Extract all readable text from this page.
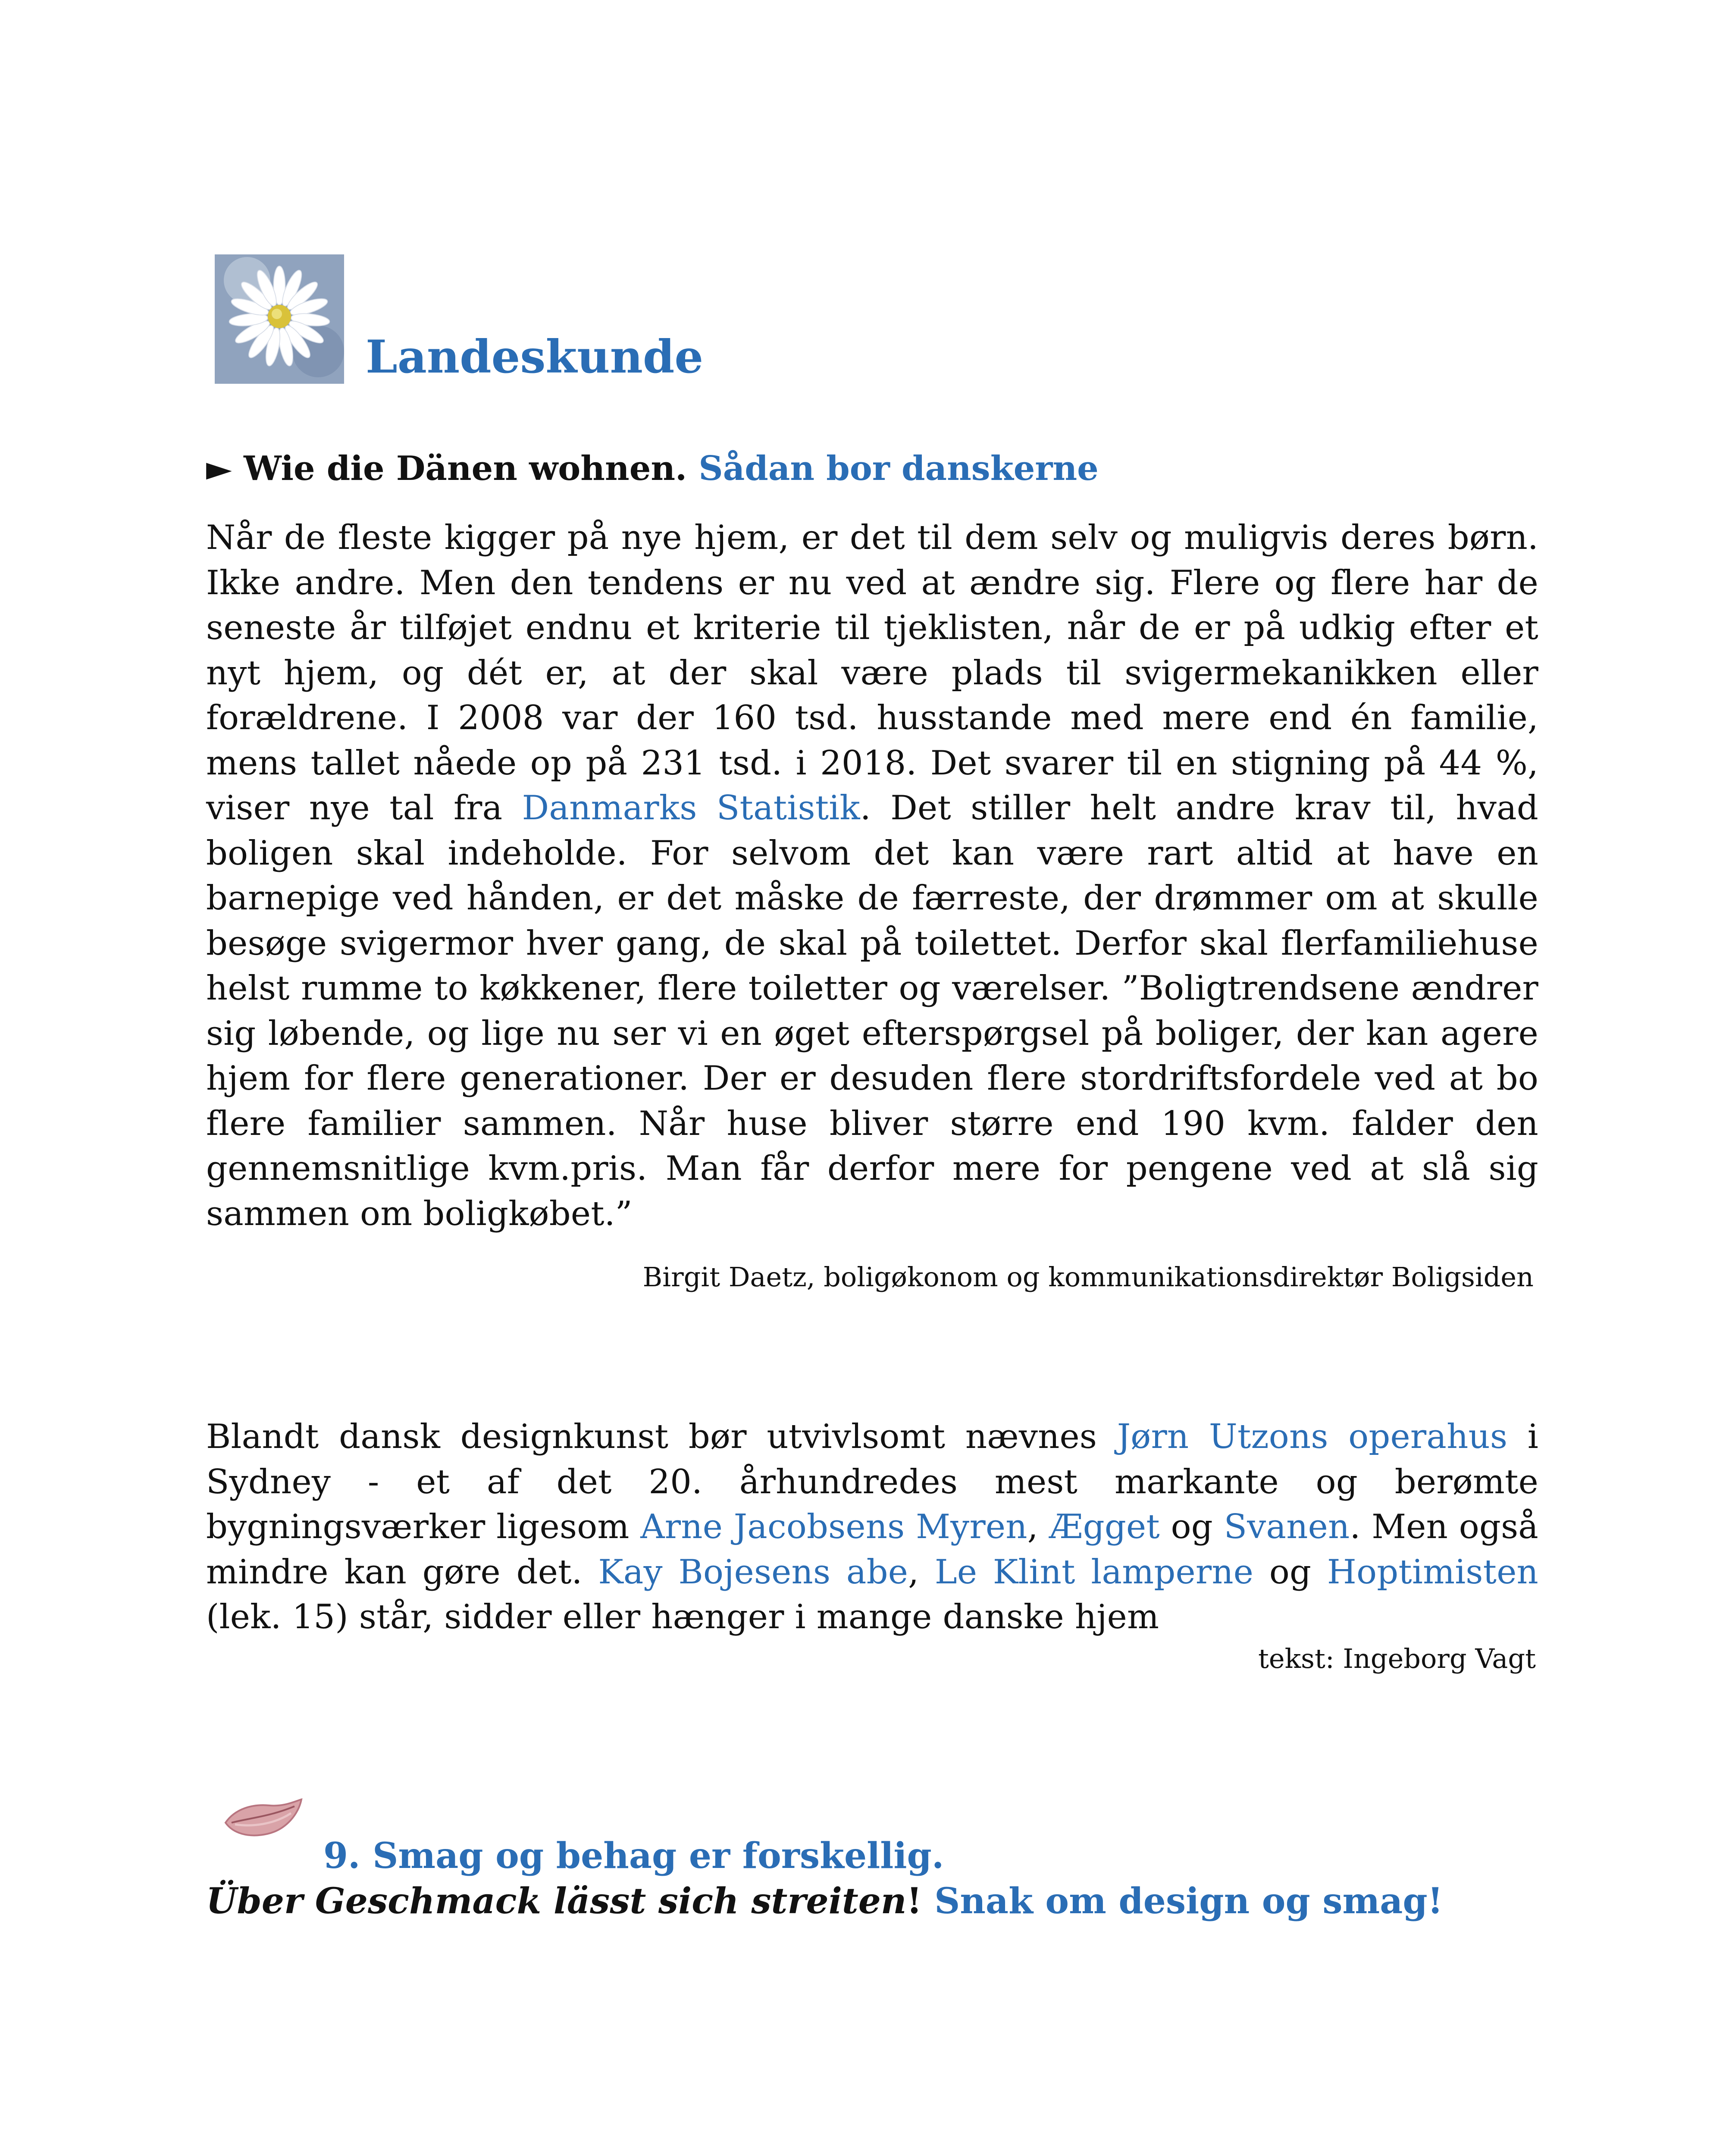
Landeskunde
► Wie die Dänen wohnen. Sådan bor danskerne
Når de fleste kigger på nye hjem, er det til dem selv og muligvis deres børn. Ikke andre. Men den tendens er nu ved at ændre sig. Flere og flere har de seneste år tilføjet endnu et kriterie til tjeklisten, når de er på udkig efter et nyt hjem, og dét er, at der skal være plads til svigermekanikken eller forældrene. I 2008 var der 160 tsd. husstande med mere end én familie, mens tallet nåede op på 231 tsd. i 2018. Det svarer til en stigning på 44 %, viser nye tal fra Danmarks Statistik. Det stiller helt andre krav til, hvad boligen skal indeholde. For selvom det kan være rart altid at have en barnepige ved hånden, er det måske de færreste, der drømmer om at skulle besøge svigermor hver gang, de skal på toilettet. Derfor skal flerfamiliehuse helst rumme to køkkener, flere toiletter og værelser. ”Boligtrendsene ændrer sig løbende, og lige nu ser vi en øget efterspørgsel på boliger, der kan agere hjem for flere generationer. Der er desuden flere stordriftsfordele ved at bo flere familier sammen. Når huse bliver større end 190 kvm. falder den gennemsnitlige kvm.pris. Man får derfor mere for pengene ved at slå sig sammen om boligkøbet.”
Birgit Daetz, boligøkonom og kommunikationsdirektør Boligsiden
Blandt dansk designkunst bør utvivlsomt nævnes Jørn Utzons operahus i Sydney - et af det 20. århundredes mest markante og berømte bygningsværker ligesom Arne Jacobsens Myren, Ægget og Svanen. Men også mindre kan gøre det. Kay Bojesens abe, Le Klint lamperne og Hoptimisten (lek. 15) står, sidder eller hænger i mange danske hjem
tekst: Ingeborg Vagt
9. Smag og behag er forskellig.
Über Geschmack lässt sich streiten! Snak om design og smag!
